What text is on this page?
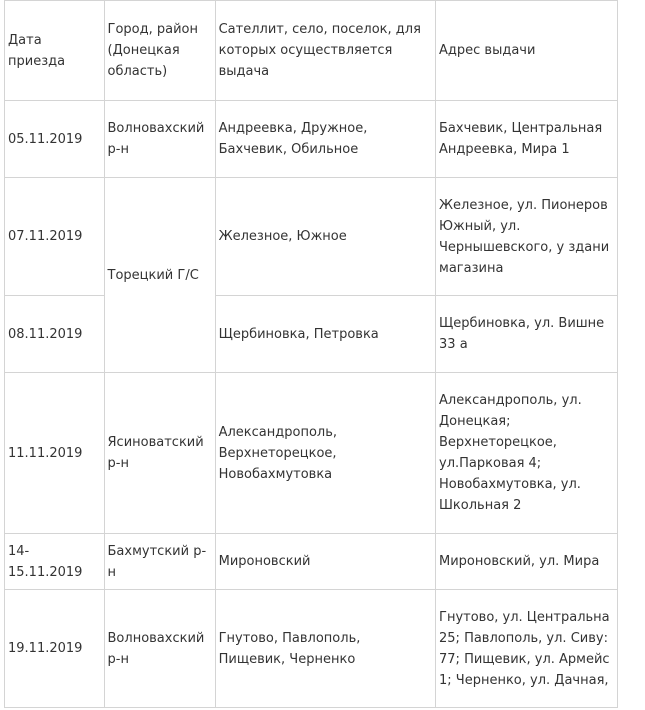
Дата приезда	Город, район (Донецкая область)	Сателлит, село, поселок, для которых осуществляется выдача	Адрес выдачи
05.11.2019	Волновахский р-н	Андреевка, Дружное, Бахчевик, Обильное	Бахчевик, Центральная Андреевка, Мира 1
07.11.2019	Торецкий Г/С	Железное, Южное	Железное, ул. Пионеров Южный, ул. Чернышевского, у здани магазина
08.11.2019		Щербиновка, Петровка	Щербиновка, ул. Вишне 33 а
11.11.2019	Ясиноватский р-н	Александрополь, Верхнеторецкое, Новобахмутовка	Александрополь, ул. Донецкая; Верхнеторецкое, ул.Парковая 4; Новобахмутовка, ул. Школьная 2
14-15.11.2019	Бахмутский р-н	Мироновский	Мироновский, ул. Мира
19.11.2019	Волновахский р-н	Гнутово, Павлополь, Пищевик, Черненко	Гнутово, ул. Центральна 25; Павлополь, ул. Сиву: 77; Пищевик, ул. Армейс 1; Черненко, ул. Дачная,
